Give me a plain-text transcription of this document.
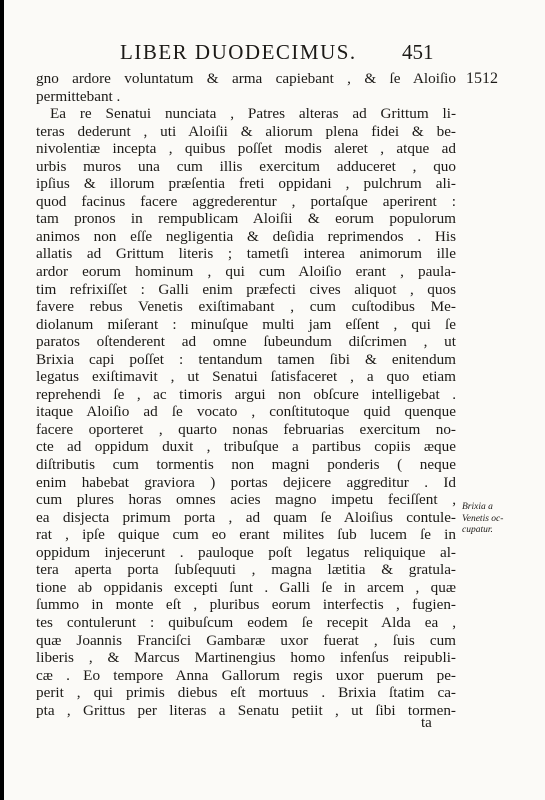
LIBER DUODECIMUS. 451
1512
gno ardore voluntatum & arma capiebant , & ſe Aloiſio
permittebant .
Ea re Senatui nunciata , Patres alteras ad Grittum li-
teras dederunt , uti Aloiſii & aliorum plena fidei & be-
nivolentiæ incepta , quibus poſſet modis aleret , atque ad
urbis muros una cum illis exercitum adduceret , quo
ipſius & illorum præſentia freti oppidani , pulchrum ali-
quod facinus facere aggrederentur , portaſque aperirent :
tam pronos in rempublicam Aloiſii & eorum populorum
animos non eſſe negligentia & deſidia reprimendos . His
allatis ad Grittum literis ; tametſi interea animorum ille
ardor eorum hominum , qui cum Aloiſio erant , paula-
tim refrixiſſet : Galli enim præfecti cives aliquot , quos
favere rebus Venetis exiſtimabant , cum cuſtodibus Me-
diolanum miſerant : minuſque multi jam eſſent , qui ſe
paratos oſtenderent ad omne ſubeundum diſcrimen , ut
Brixia capi poſſet : tentandum tamen ſibi & enitendum
legatus exiſtimavit , ut Senatui ſatisfaceret , a quo etiam
reprehendi ſe , ac timoris argui non obſcure intelligebat .
itaque Aloiſio ad ſe vocato , conſtitutoque quid quenque
facere oporteret , quarto nonas februarias exercitum no-
cte ad oppidum duxit , tribuſque a partibus copiis æque
diſtributis cum tormentis non magni ponderis ( neque
enim habebat graviora ) portas dejicere aggreditur . Id
cum plures horas omnes acies magno impetu feciſſent ,
ea disjecta primum porta , ad quam ſe Aloiſius contule-
rat , ipſe quique cum eo erant milites ſub lucem ſe in
oppidum injecerunt . pauloque poſt legatus reliquique al-
tera aperta porta ſubſequuti , magna lætitia & gratula-
tione ab oppidanis excepti ſunt . Galli ſe in arcem , quæ
ſummo in monte eſt , pluribus eorum interfectis , fugien-
tes contulerunt : quibuſcum eodem ſe recepit Alda ea ,
quæ Joannis Franciſci Gambaræ uxor fuerat , ſuis cum
liberis , & Marcus Martinengius homo infenſus reipubli-
cæ . Eo tempore Anna Gallorum regis uxor puerum pe-
perit , qui primis diebus eſt mortuus . Brixia ſtatim ca-
pta , Grittus per literas a Senatu petiit , ut ſibi tormen-
Brixia a
Venetis oc-
cupatur.
ta
